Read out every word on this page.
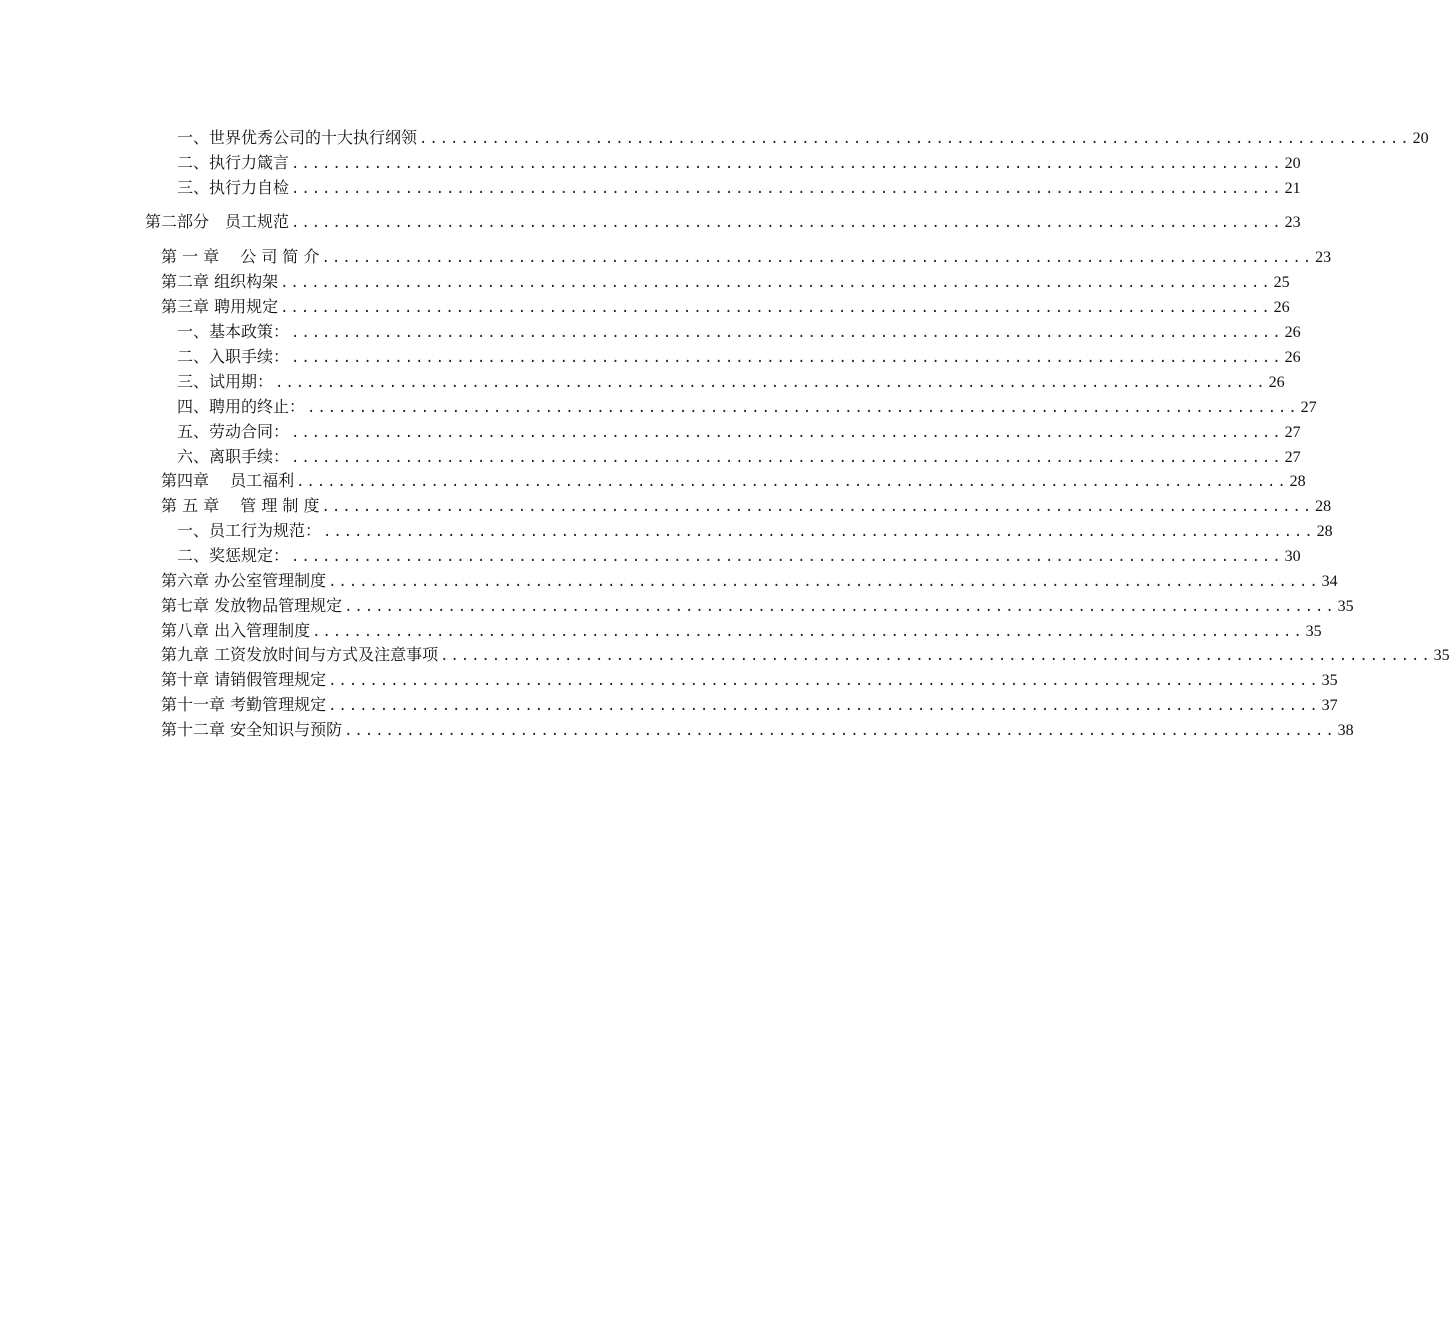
一、世界优秀公司的十大执行纲领 ................................................................................................ 20
二、执行力箴言 ................................................................................................ 20
三、执行力自检 ................................................................................................ 21
第二部分　员工规范 ................................................................................................ 23
第 一 章　 公 司 简 介 ................................................................................................ 23
第二章 组织构架 ................................................................................................ 25
第三章 聘用规定 ................................................................................................ 26
一、基本政策： ................................................................................................ 26
二、入职手续： ................................................................................................ 26
三、试用期： ................................................................................................ 26
四、聘用的终止： ................................................................................................ 27
五、劳动合同： ................................................................................................ 27
六、离职手续： ................................................................................................ 27
第四章　 员工福利 ................................................................................................ 28
第 五 章　 管 理 制 度 ................................................................................................ 28
一、员工行为规范： ................................................................................................ 28
二、奖惩规定： ................................................................................................ 30
第六章 办公室管理制度 ................................................................................................ 34
第七章 发放物品管理规定 ................................................................................................ 35
第八章 出入管理制度 ................................................................................................ 35
第九章 工资发放时间与方式及注意事项 ................................................................................................ 35
第十章 请销假管理规定 ................................................................................................ 35
第十一章 考勤管理规定 ................................................................................................ 37
第十二章 安全知识与预防 ................................................................................................ 38
